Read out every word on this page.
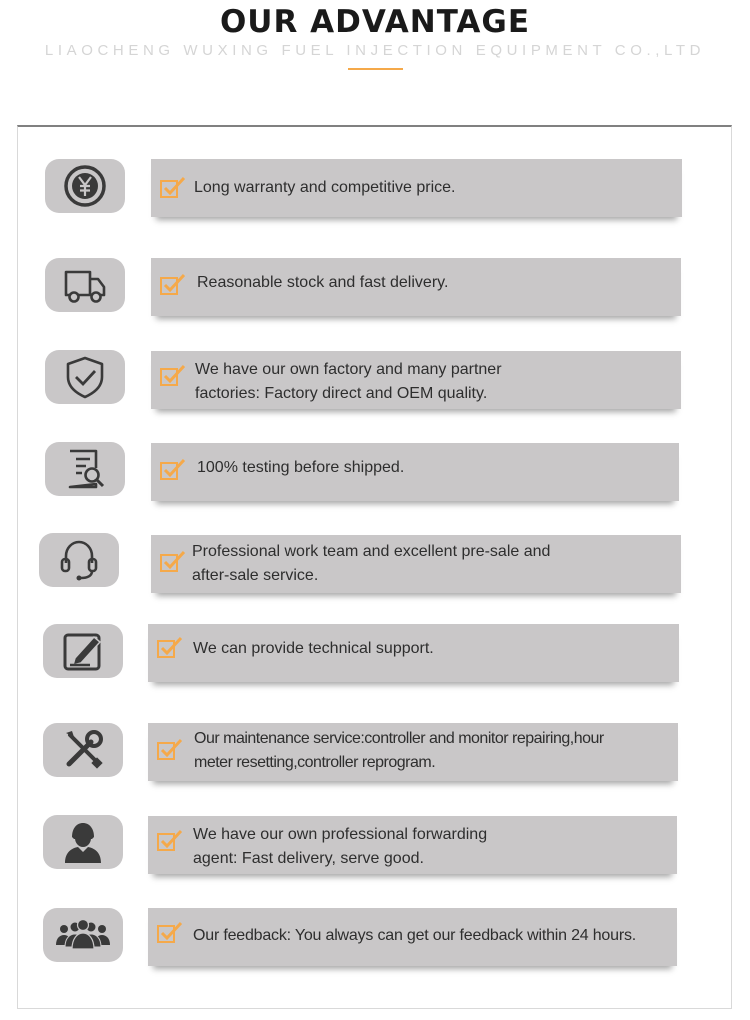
OUR ADVANTAGE
LIAOCHENG WUXING FUEL INJECTION EQUIPMENT CO.,LTD
Long warranty and competitive price.
Reasonable stock and fast delivery.
We have our own factory and many partner
factories: Factory direct and OEM quality.
100% testing before shipped.
Professional work team and excellent pre-sale and
after-sale service.
We can provide technical support.
Our maintenance service:controller and monitor repairing,hour
meter resetting,controller reprogram.
We have our own professional forwarding
agent: Fast delivery, serve good.
Our feedback: You always can get our feedback within 24 hours.
